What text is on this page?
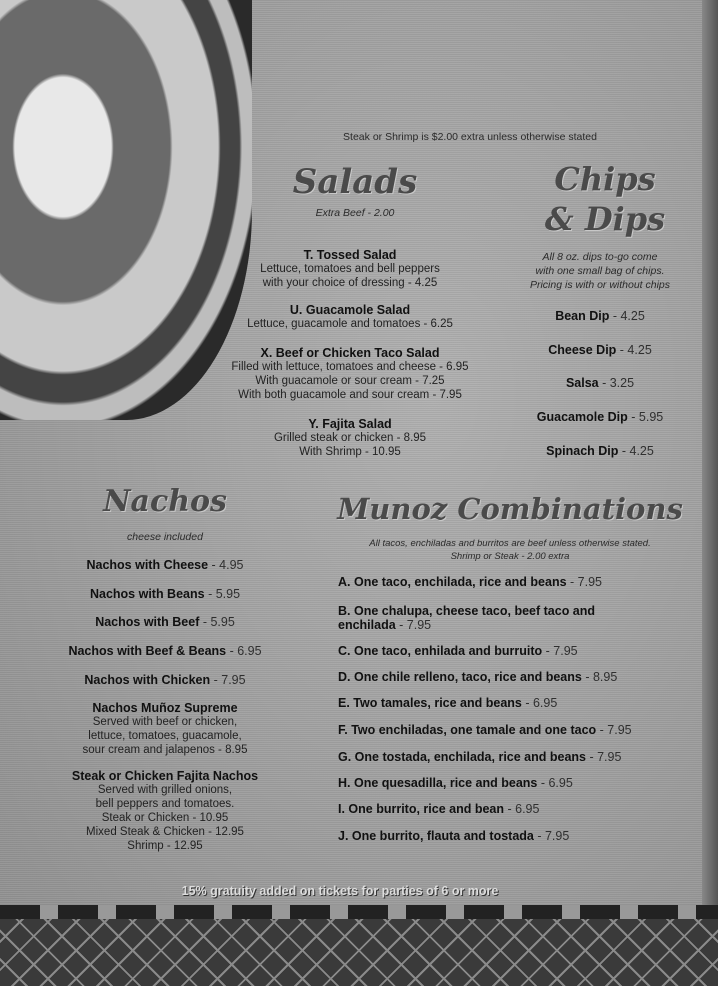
Steak or Shrimp is $2.00 extra unless otherwise stated
Salads
Extra Beef - 2.00
T. Tossed Salad
Lettuce, tomatoes and bell peppers
with your choice of dressing - 4.25
U. Guacamole Salad
Lettuce, guacamole and tomatoes - 6.25
X. Beef or Chicken Taco Salad
Filled with lettuce, tomatoes and cheese - 6.95
With guacamole or sour cream - 7.25
With both guacamole and sour cream - 7.95
Y. Fajita Salad
Grilled steak or chicken - 8.95
With Shrimp - 10.95
Chips
& Dips
All 8 oz. dips to-go come
with one small bag of chips.
Pricing is with or without chips
Bean Dip - 4.25
Cheese Dip - 4.25
Salsa - 3.25
Guacamole Dip - 5.95
Spinach Dip - 4.25
Nachos
cheese included
Nachos with Cheese - 4.95
Nachos with Beans - 5.95
Nachos with Beef - 5.95
Nachos with Beef & Beans - 6.95
Nachos with Chicken - 7.95
Nachos Muñoz Supreme
Served with beef or chicken,
lettuce, tomatoes, guacamole,
sour cream and jalapenos - 8.95
Steak or Chicken Fajita Nachos
Served with grilled onions,
bell peppers and tomatoes.
Steak or Chicken - 10.95
Mixed Steak & Chicken - 12.95
Shrimp - 12.95
Munoz Combinations
All tacos, enchiladas and burritos are beef unless otherwise stated.
Shrimp or Steak - 2.00 extra
A. One taco, enchilada, rice and beans - 7.95
B. One chalupa, cheese taco, beef taco and enchilada - 7.95
C. One taco, enhilada and burruito - 7.95
D. One chile relleno, taco, rice and beans - 8.95
E. Two tamales, rice and beans - 6.95
F. Two enchiladas, one tamale and one taco - 7.95
G. One tostada, enchilada, rice and beans - 7.95
H. One quesadilla, rice and beans - 6.95
I. One burrito, rice and bean - 6.95
J. One burrito, flauta and tostada - 7.95
15% gratuity added on tickets for parties of 6 or more
